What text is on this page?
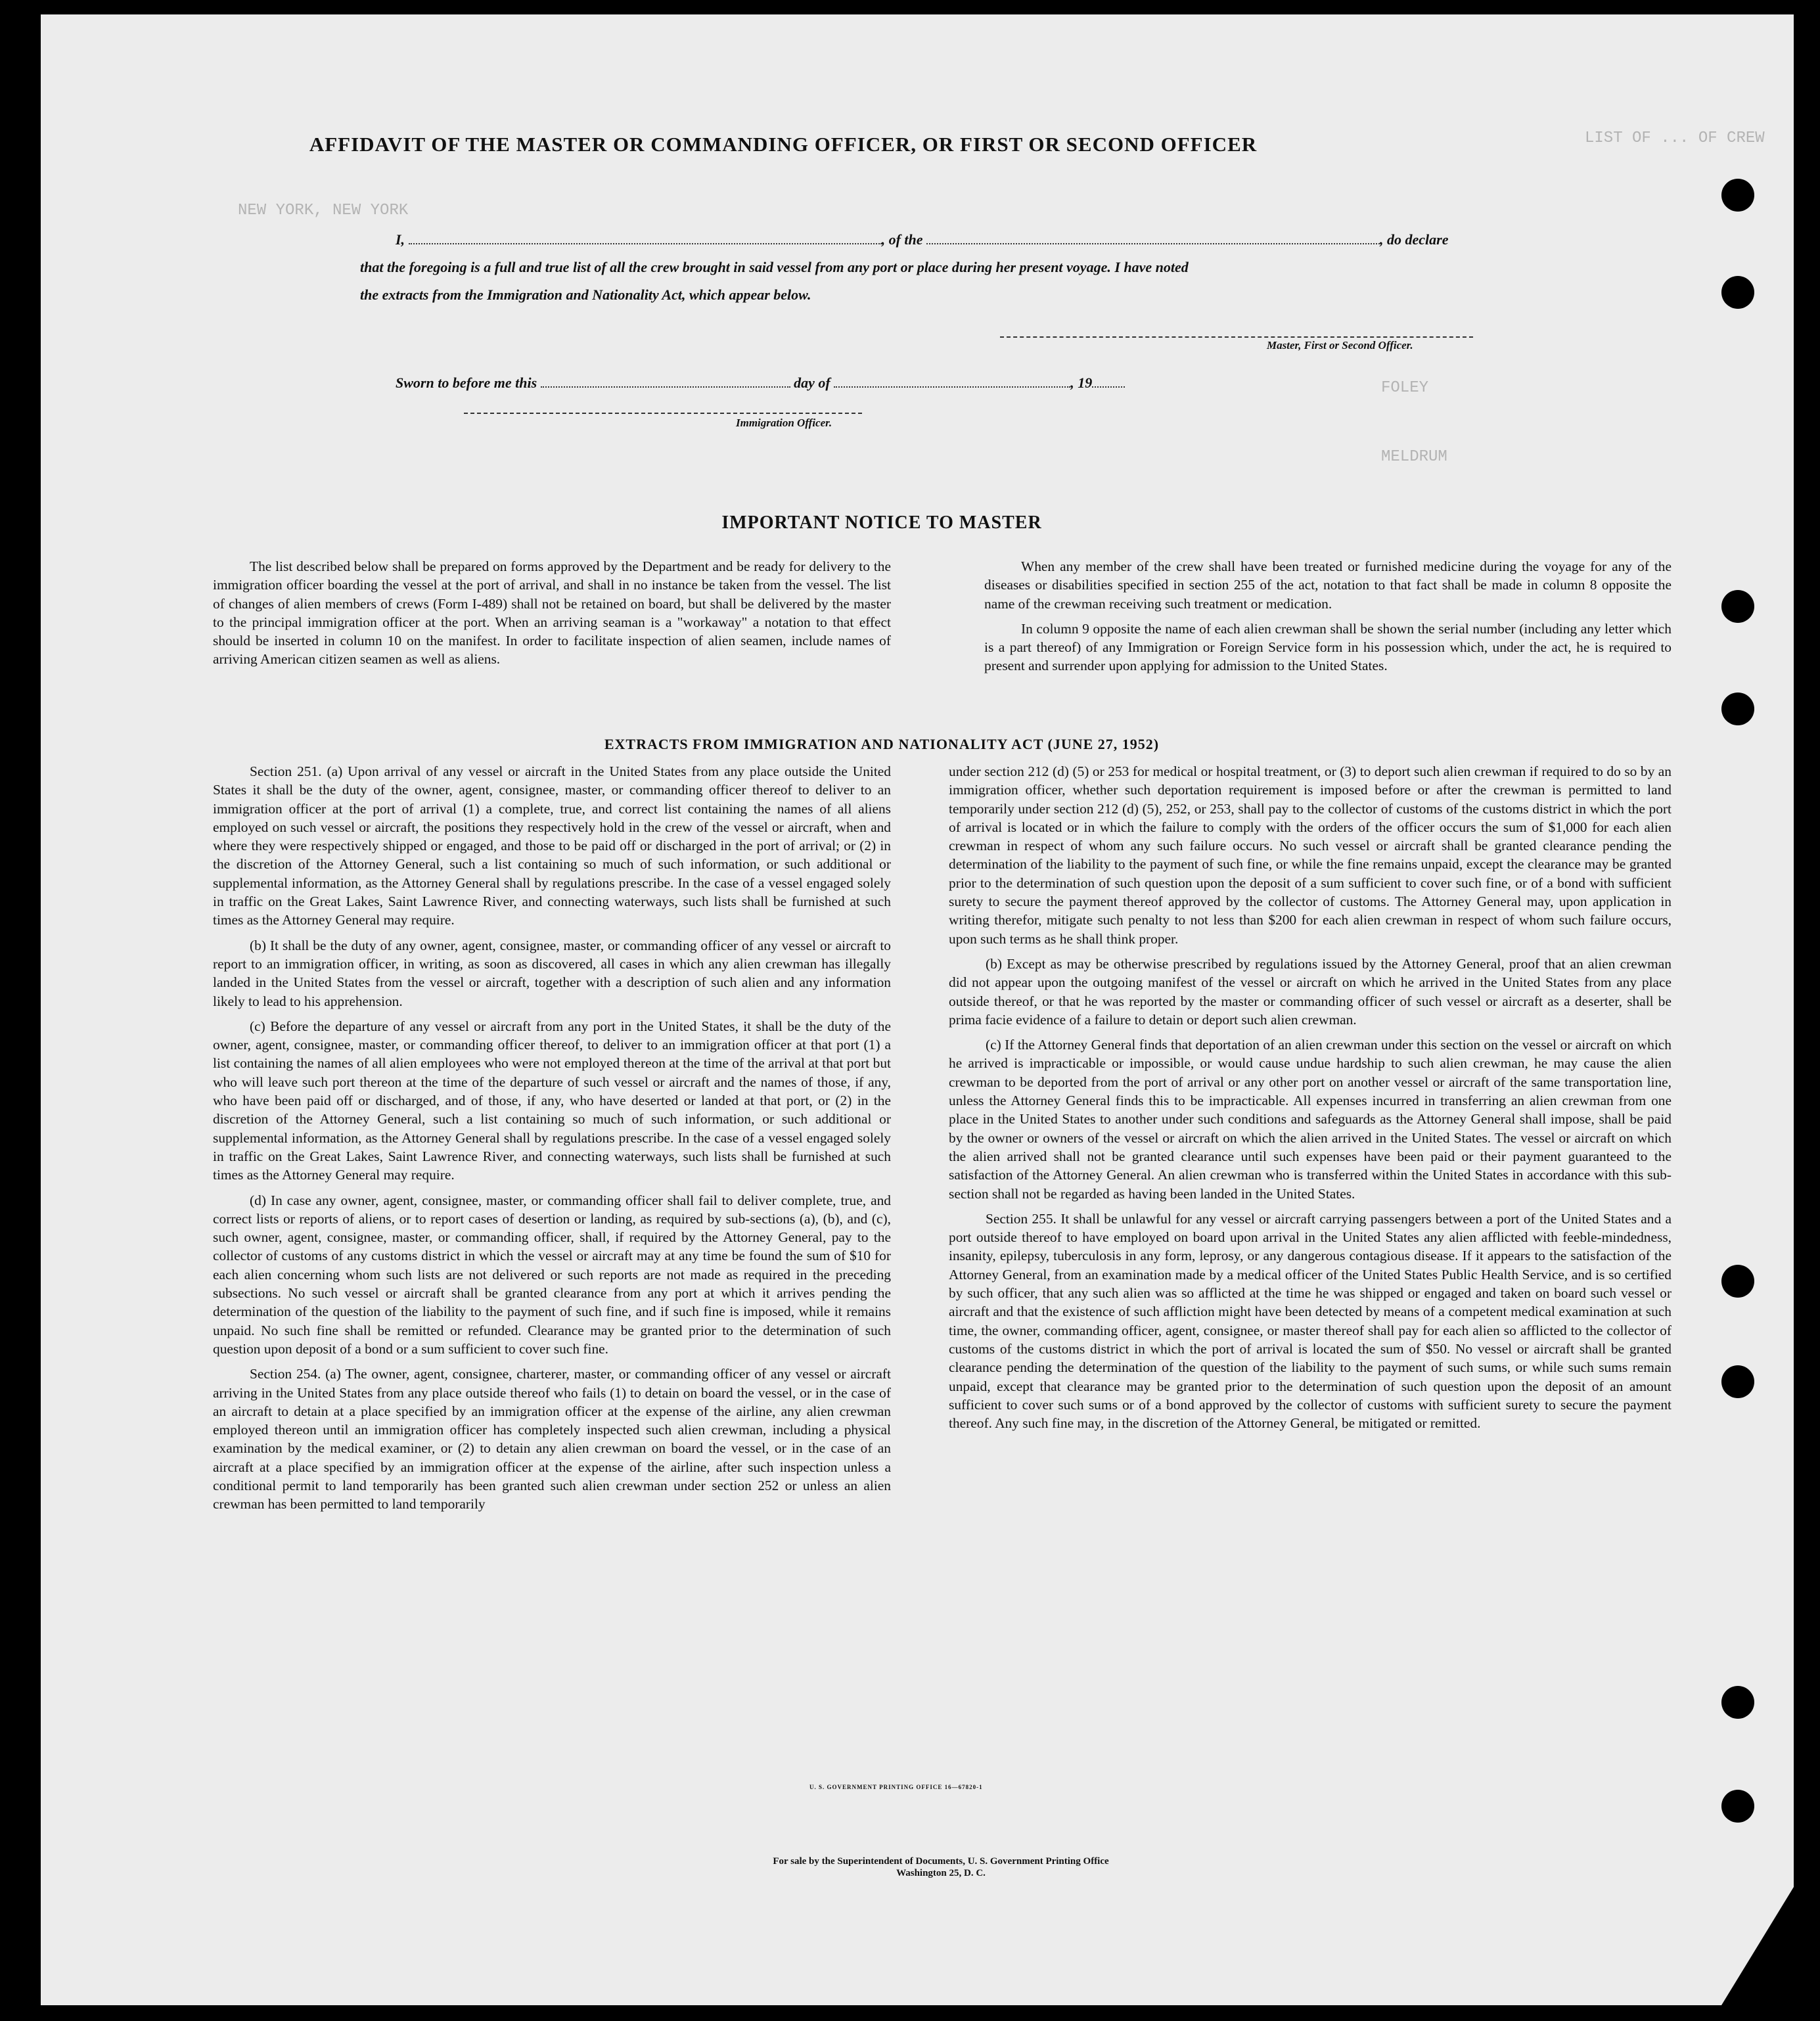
LIST OF ... OF CREW
NEW YORK, NEW YORK
FOLEY
MELDRUM
AFFIDAVIT OF THE MASTER OR COMMANDING OFFICER, OR FIRST OR SECOND OFFICER
I,	, of the	, do declare
that the foregoing is a full and true list of all the crew brought in said vessel from any port or place during her present voyage. I have noted
the extracts from the Immigration and Nationality Act, which appear below.
Master, First or Second Officer.
Sworn to before me this	day of	, 19
Immigration Officer.
IMPORTANT NOTICE TO MASTER

The list described below shall be prepared on forms approved by the Department and be ready for delivery to the immigration officer boarding the vessel at the port of arrival, and shall in no instance be taken from the vessel. The list of changes of alien members of crews (Form I-489) shall not be retained on board, but shall be delivered by the master to the principal immigration officer at the port. When an arriving seaman is a "workaway" a notation to that effect should be inserted in column 10 on the manifest. In order to facilitate inspection of alien seamen, include names of arriving American citizen seamen as well as aliens.

When any member of the crew shall have been treated or furnished medicine during the voyage for any of the diseases or disabilities specified in section 255 of the act, notation to that fact shall be made in column 8 opposite the name of the crewman receiving such treatment or medication.

In column 9 opposite the name of each alien crewman shall be shown the serial number (including any letter which is a part thereof) of any Immigration or Foreign Service form in his possession which, under the act, he is required to present and surrender upon applying for admission to the United States.

EXTRACTS FROM IMMIGRATION AND NATIONALITY ACT (JUNE 27, 1952)

Section 251. (a) Upon arrival of any vessel or aircraft in the United States from any place outside the United States it shall be the duty of the owner, agent, consignee, master, or commanding officer thereof to deliver to an immigration officer at the port of arrival (1) a complete, true, and correct list containing the names of all aliens employed on such vessel or aircraft, the positions they respectively hold in the crew of the vessel or aircraft, when and where they were respectively shipped or engaged, and those to be paid off or discharged in the port of arrival; or (2) in the discretion of the Attorney General, such a list containing so much of such information, or such additional or supplemental information, as the Attorney General shall by regulations prescribe. In the case of a vessel engaged solely in traffic on the Great Lakes, Saint Lawrence River, and connecting waterways, such lists shall be furnished at such times as the Attorney General may require.

(b) It shall be the duty of any owner, agent, consignee, master, or commanding officer of any vessel or aircraft to report to an immigration officer, in writing, as soon as discovered, all cases in which any alien crewman has illegally landed in the United States from the vessel or aircraft, together with a description of such alien and any information likely to lead to his apprehension.

(c) Before the departure of any vessel or aircraft from any port in the United States, it shall be the duty of the owner, agent, consignee, master, or commanding officer thereof, to deliver to an immigration officer at that port (1) a list containing the names of all alien employees who were not employed thereon at the time of the arrival at that port but who will leave such port thereon at the time of the departure of such vessel or aircraft and the names of those, if any, who have been paid off or discharged, and of those, if any, who have deserted or landed at that port, or (2) in the discretion of the Attorney General, such a list containing so much of such information, or such additional or supplemental information, as the Attorney General shall by regulations prescribe. In the case of a vessel engaged solely in traffic on the Great Lakes, Saint Lawrence River, and connecting waterways, such lists shall be furnished at such times as the Attorney General may require.

(d) In case any owner, agent, consignee, master, or commanding officer shall fail to deliver complete, true, and correct lists or reports of aliens, or to report cases of desertion or landing, as required by sub-sections (a), (b), and (c), such owner, agent, consignee, master, or commanding officer, shall, if required by the Attorney General, pay to the collector of customs of any customs district in which the vessel or aircraft may at any time be found the sum of $10 for each alien concerning whom such lists are not delivered or such reports are not made as required in the preceding subsections. No such vessel or aircraft shall be granted clearance from any port at which it arrives pending the determination of the question of the liability to the payment of such fine, and if such fine is imposed, while it remains unpaid. No such fine shall be remitted or refunded. Clearance may be granted prior to the determination of such question upon deposit of a bond or a sum sufficient to cover such fine.

Section 254. (a) The owner, agent, consignee, charterer, master, or commanding officer of any vessel or aircraft arriving in the United States from any place outside thereof who fails (1) to detain on board the vessel, or in the case of an aircraft to detain at a place specified by an immigration officer at the expense of the airline, any alien crewman employed thereon until an immigration officer has completely inspected such alien crewman, including a physical examination by the medical examiner, or (2) to detain any alien crewman on board the vessel, or in the case of an aircraft at a place specified by an immigration officer at the expense of the airline, after such inspection unless a conditional permit to land temporarily has been granted such alien crewman under section 252 or unless an alien crewman has been permitted to land temporarily

under section 212 (d) (5) or 253 for medical or hospital treatment, or (3) to deport such alien crewman if required to do so by an immigration officer, whether such deportation requirement is imposed before or after the crewman is permitted to land temporarily under section 212 (d) (5), 252, or 253, shall pay to the collector of customs of the customs district in which the port of arrival is located or in which the failure to comply with the orders of the officer occurs the sum of $1,000 for each alien crewman in respect of whom any such failure occurs. No such vessel or aircraft shall be granted clearance pending the determination of the liability to the payment of such fine, or while the fine remains unpaid, except the clearance may be granted prior to the determination of such question upon the deposit of a sum sufficient to cover such fine, or of a bond with sufficient surety to secure the payment thereof approved by the collector of customs. The Attorney General may, upon application in writing therefor, mitigate such penalty to not less than $200 for each alien crewman in respect of whom such failure occurs, upon such terms as he shall think proper.

(b) Except as may be otherwise prescribed by regulations issued by the Attorney General, proof that an alien crewman did not appear upon the outgoing manifest of the vessel or aircraft on which he arrived in the United States from any place outside thereof, or that he was reported by the master or commanding officer of such vessel or aircraft as a deserter, shall be prima facie evidence of a failure to detain or deport such alien crewman.

(c) If the Attorney General finds that deportation of an alien crewman under this section on the vessel or aircraft on which he arrived is impracticable or impossible, or would cause undue hardship to such alien crewman, he may cause the alien crewman to be deported from the port of arrival or any other port on another vessel or aircraft of the same transportation line, unless the Attorney General finds this to be impracticable. All expenses incurred in transferring an alien crewman from one place in the United States to another under such conditions and safeguards as the Attorney General shall impose, shall be paid by the owner or owners of the vessel or aircraft on which the alien arrived in the United States. The vessel or aircraft on which the alien arrived shall not be granted clearance until such expenses have been paid or their payment guaranteed to the satisfaction of the Attorney General. An alien crewman who is transferred within the United States in accordance with this sub-section shall not be regarded as having been landed in the United States.

Section 255. It shall be unlawful for any vessel or aircraft carrying passengers between a port of the United States and a port outside thereof to have employed on board upon arrival in the United States any alien afflicted with feeble-mindedness, insanity, epilepsy, tuberculosis in any form, leprosy, or any dangerous contagious disease. If it appears to the satisfaction of the Attorney General, from an examination made by a medical officer of the United States Public Health Service, and is so certified by such officer, that any such alien was so afflicted at the time he was shipped or engaged and taken on board such vessel or aircraft and that the existence of such affliction might have been detected by means of a competent medical examination at such time, the owner, commanding officer, agent, consignee, or master thereof shall pay for each alien so afflicted to the collector of customs of the customs district in which the port of arrival is located the sum of $50. No vessel or aircraft shall be granted clearance pending the determination of the question of the liability to the payment of such sums, or while such sums remain unpaid, except that clearance may be granted prior to the determination of such question upon the deposit of an amount sufficient to cover such sums or of a bond approved by the collector of customs with sufficient surety to secure the payment thereof. Any such fine may, in the discretion of the Attorney General, be mitigated or remitted.

U. S. GOVERNMENT PRINTING OFFICE 16—67820-1
For sale by the Superintendent of Documents, U. S. Government Printing Office
Washington 25, D. C.
